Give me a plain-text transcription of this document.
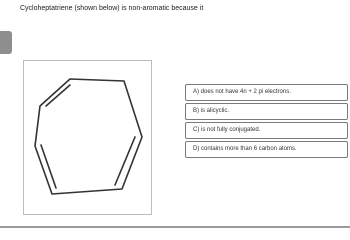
Cycloheptatriene (shown below) is non-aromatic because it
A) does not have 4n + 2 pi electrons.
B) is alicyclic.
C) is not fully conjugated.
D) contains more than 6 carbon atoms.
